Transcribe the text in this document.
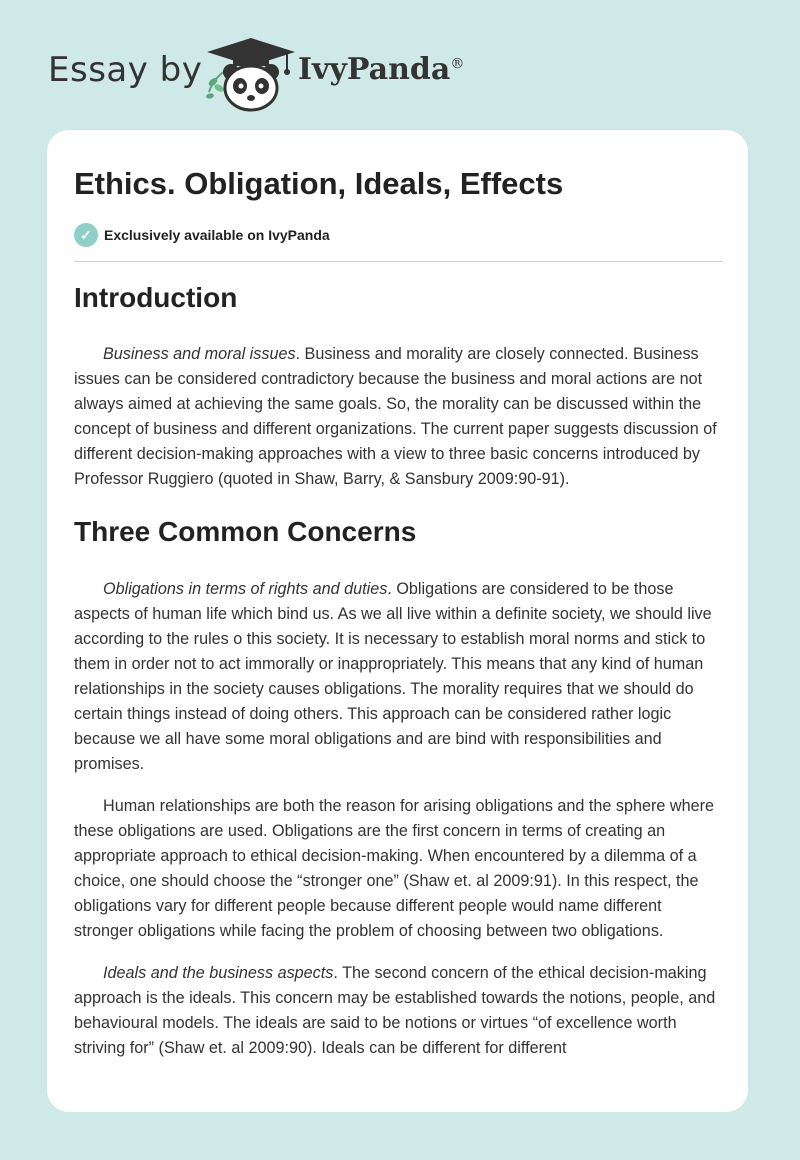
Essay by	IvyPanda®
Ethics. Obligation, Ideals, Effects
✓ Exclusively available on IvyPanda
Introduction

Business and moral issues. Business and morality are closely connected. Business issues can be considered contradictory because the business and moral actions are not always aimed at achieving the same goals. So, the morality can be discussed within the concept of business and different organizations. The current paper suggests discussion of different decision-making approaches with a view to three basic concerns introduced by Professor Ruggiero (quoted in Shaw, Barry, & Sansbury 2009:90-91).

Three Common Concerns

Obligations in terms of rights and duties. Obligations are considered to be those aspects of human life which bind us. As we all live within a definite society, we should live according to the rules o this society. It is necessary to establish moral norms and stick to them in order not to act immorally or inappropriately. This means that any kind of human relationships in the society causes obligations. The morality requires that we should do certain things instead of doing others. This approach can be considered rather logic because we all have some moral obligations and are bind with responsibilities and promises.

Human relationships are both the reason for arising obligations and the sphere where these obligations are used. Obligations are the first concern in terms of creating an appropriate approach to ethical decision-making. When encountered by a dilemma of a choice, one should choose the “stronger one” (Shaw et. al 2009:91). In this respect, the obligations vary for different people because different people would name different stronger obligations while facing the problem of choosing between two obligations.

Ideals and the business aspects. The second concern of the ethical decision-making approach is the ideals. This concern may be established towards the notions, people, and behavioural models. The ideals are said to be notions or virtues “of excellence worth striving for” (Shaw et. al 2009:90). Ideals can be different for different
